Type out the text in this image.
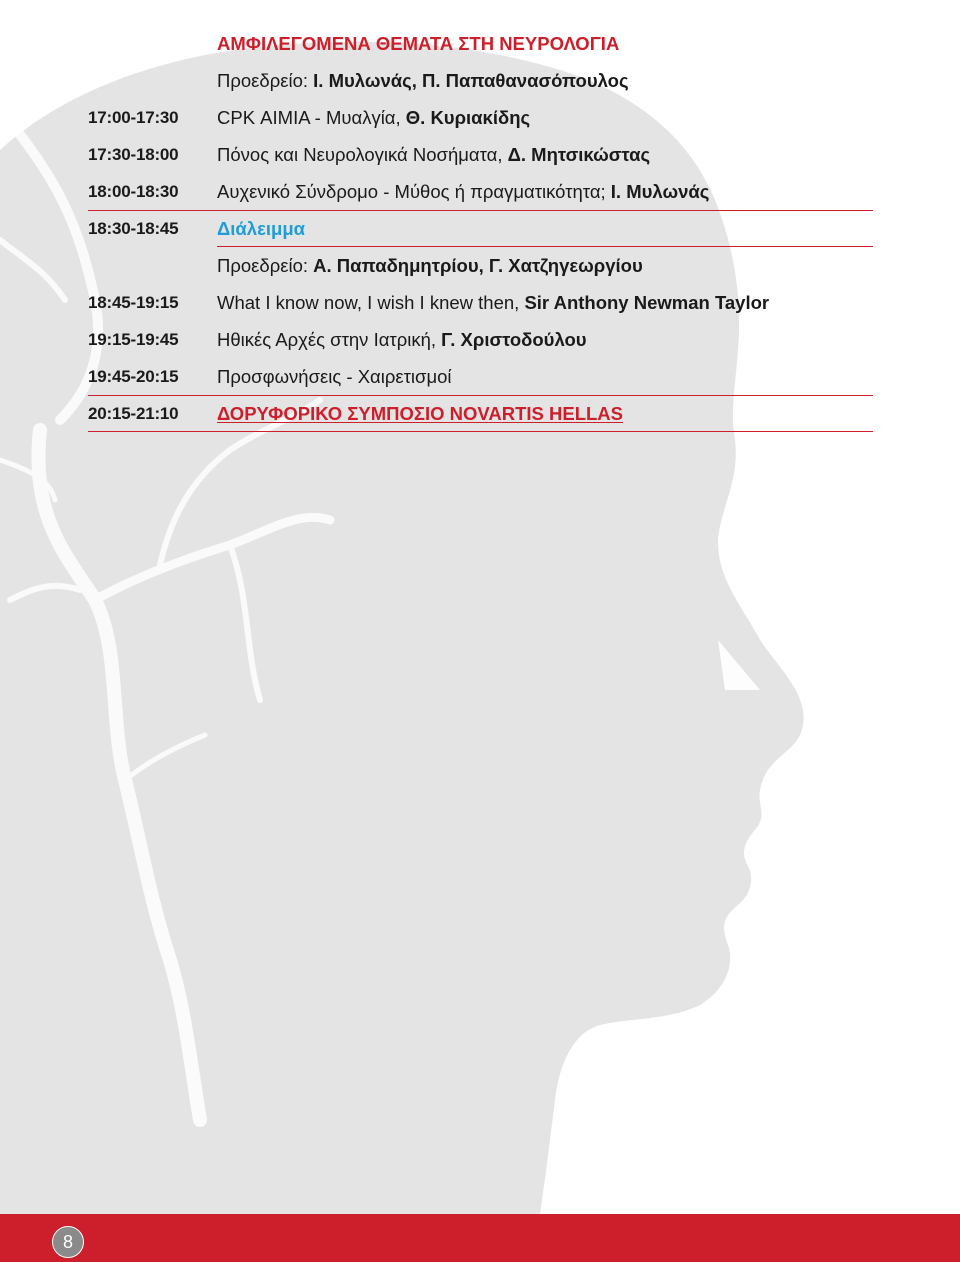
ΑΜΦΙΛΕΓΟΜΕΝΑ ΘΕΜΑΤΑ ΣΤΗ ΝΕΥΡΟΛΟΓΙΑ
Προεδρείο: Ι. Μυλωνάς, Π. Παπαθανασόπουλος
17:00-17:30 CPK ΑΙΜΙΑ - Μυαλγία, Θ. Κυριακίδης
17:30-18:00 Πόνος και Νευρολογικά Νοσήματα, Δ. Μητσικώστας
18:00-18:30 Αυχενικό Σύνδρομο - Μύθος ή πραγματικότητα; Ι. Μυλωνάς
18:30-18:45 Διάλειμμα
Προεδρείο: Α. Παπαδημητρίου, Γ. Χατζηγεωργίου
18:45-19:15 What I know now, I wish I knew then, Sir Anthony Newman Taylor
19:15-19:45 Ηθικές Αρχές στην Ιατρική, Γ. Χριστοδούλου
19:45-20:15 Προσφωνήσεις - Χαιρετισμοί
20:15-21:10 ΔΟΡΥΦΟΡΙΚΟ ΣΥΜΠΟΣΙΟ NOVARTIS HELLAS
8
